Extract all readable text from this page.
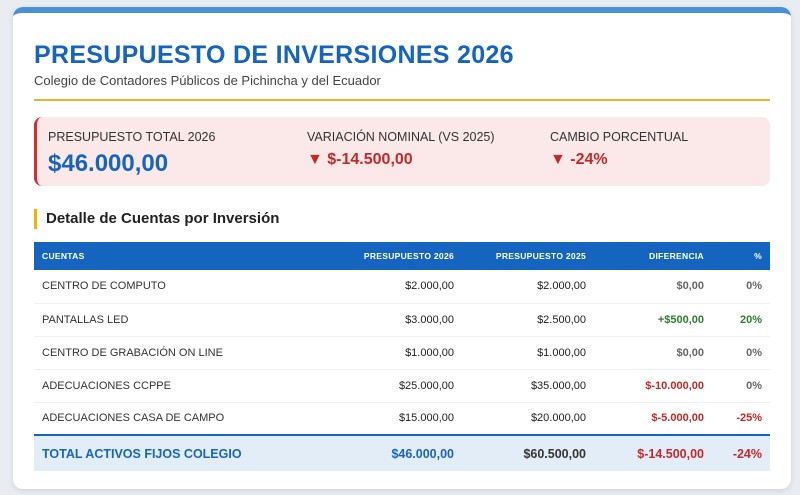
PRESUPUESTO DE INVERSIONES 2026
Colegio de Contadores Públicos de Pichincha y del Ecuador
PRESUPUESTO TOTAL 2026
$46.000,00
VARIACIÓN NOMINAL (VS 2025)
▼ $-14.500,00
CAMBIO PORCENTUAL
▼ -24%
Detalle de Cuentas por Inversión
CUENTAS	PRESUPUESTO 2026	PRESUPUESTO 2025	DIFERENCIA	%
CENTRO DE COMPUTO	$2.000,00	$2.000,00	$0,00	0%
PANTALLAS LED	$3.000,00	$2.500,00	+$500,00	20%
CENTRO DE GRABACIÓN ON LINE	$1.000,00	$1.000,00	$0,00	0%
ADECUACIONES CCPPE	$25.000,00	$35.000,00	$-10.000,00	0%
ADECUACIONES CASA DE CAMPO	$15.000,00	$20.000,00	$-5.000,00	-25%
TOTAL ACTIVOS FIJOS COLEGIO	$46.000,00	$60.500,00	$-14.500,00	-24%
